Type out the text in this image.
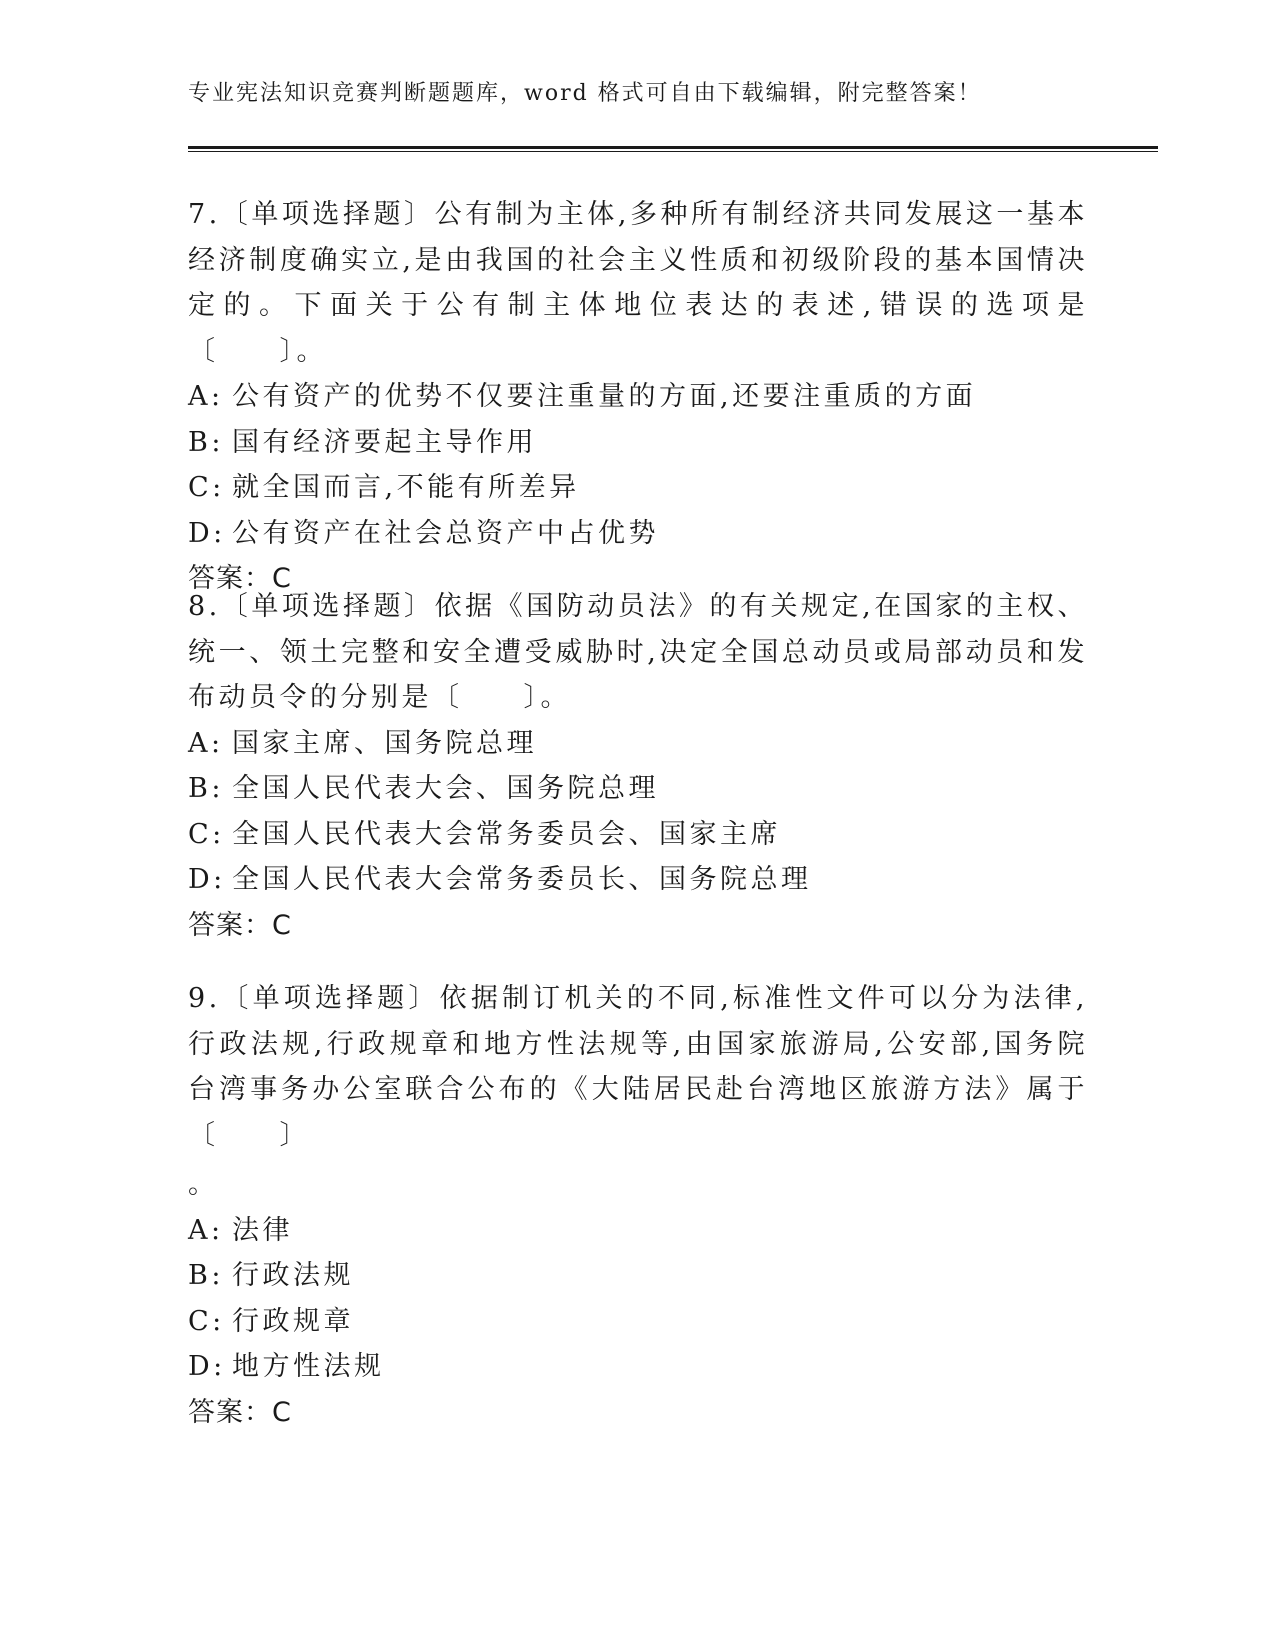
专业宪法知识竞赛判断题题库，word 格式可自由下载编辑，附完整答案！

7.〔单项选择题〕公有制为主体,多种所有制经济共同发展这一基本经济制度确实立,是由我国的社会主义性质和初级阶段的基本国情决定的。下面关于公有制主体地位表达的表述,错误的选项是〔　　〕。

A: 公有资产的优势不仅要注重量的方面,还要注重质的方面
B: 国有经济要起主导作用
C: 就全国而言,不能有所差异
D: 公有资产在社会总资产中占优势
答案：C

8.〔单项选择题〕依据《国防动员法》的有关规定,在国家的主权、统一、领土完整和安全遭受威胁时,决定全国总动员或局部动员和发布动员令的分别是〔　　〕。

A: 国家主席、国务院总理
B: 全国人民代表大会、国务院总理
C: 全国人民代表大会常务委员会、国家主席
D: 全国人民代表大会常务委员长、国务院总理
答案：C

9.〔单项选择题〕依据制订机关的不同,标准性文件可以分为法律,行政法规,行政规章和地方性法规等,由国家旅游局,公安部,国务院台湾事务办公室联合公布的《大陆居民赴台湾地区旅游方法》属于〔　　〕

。

A: 法律
B: 行政法规
C: 行政规章
D: 地方性法规
答案：C
